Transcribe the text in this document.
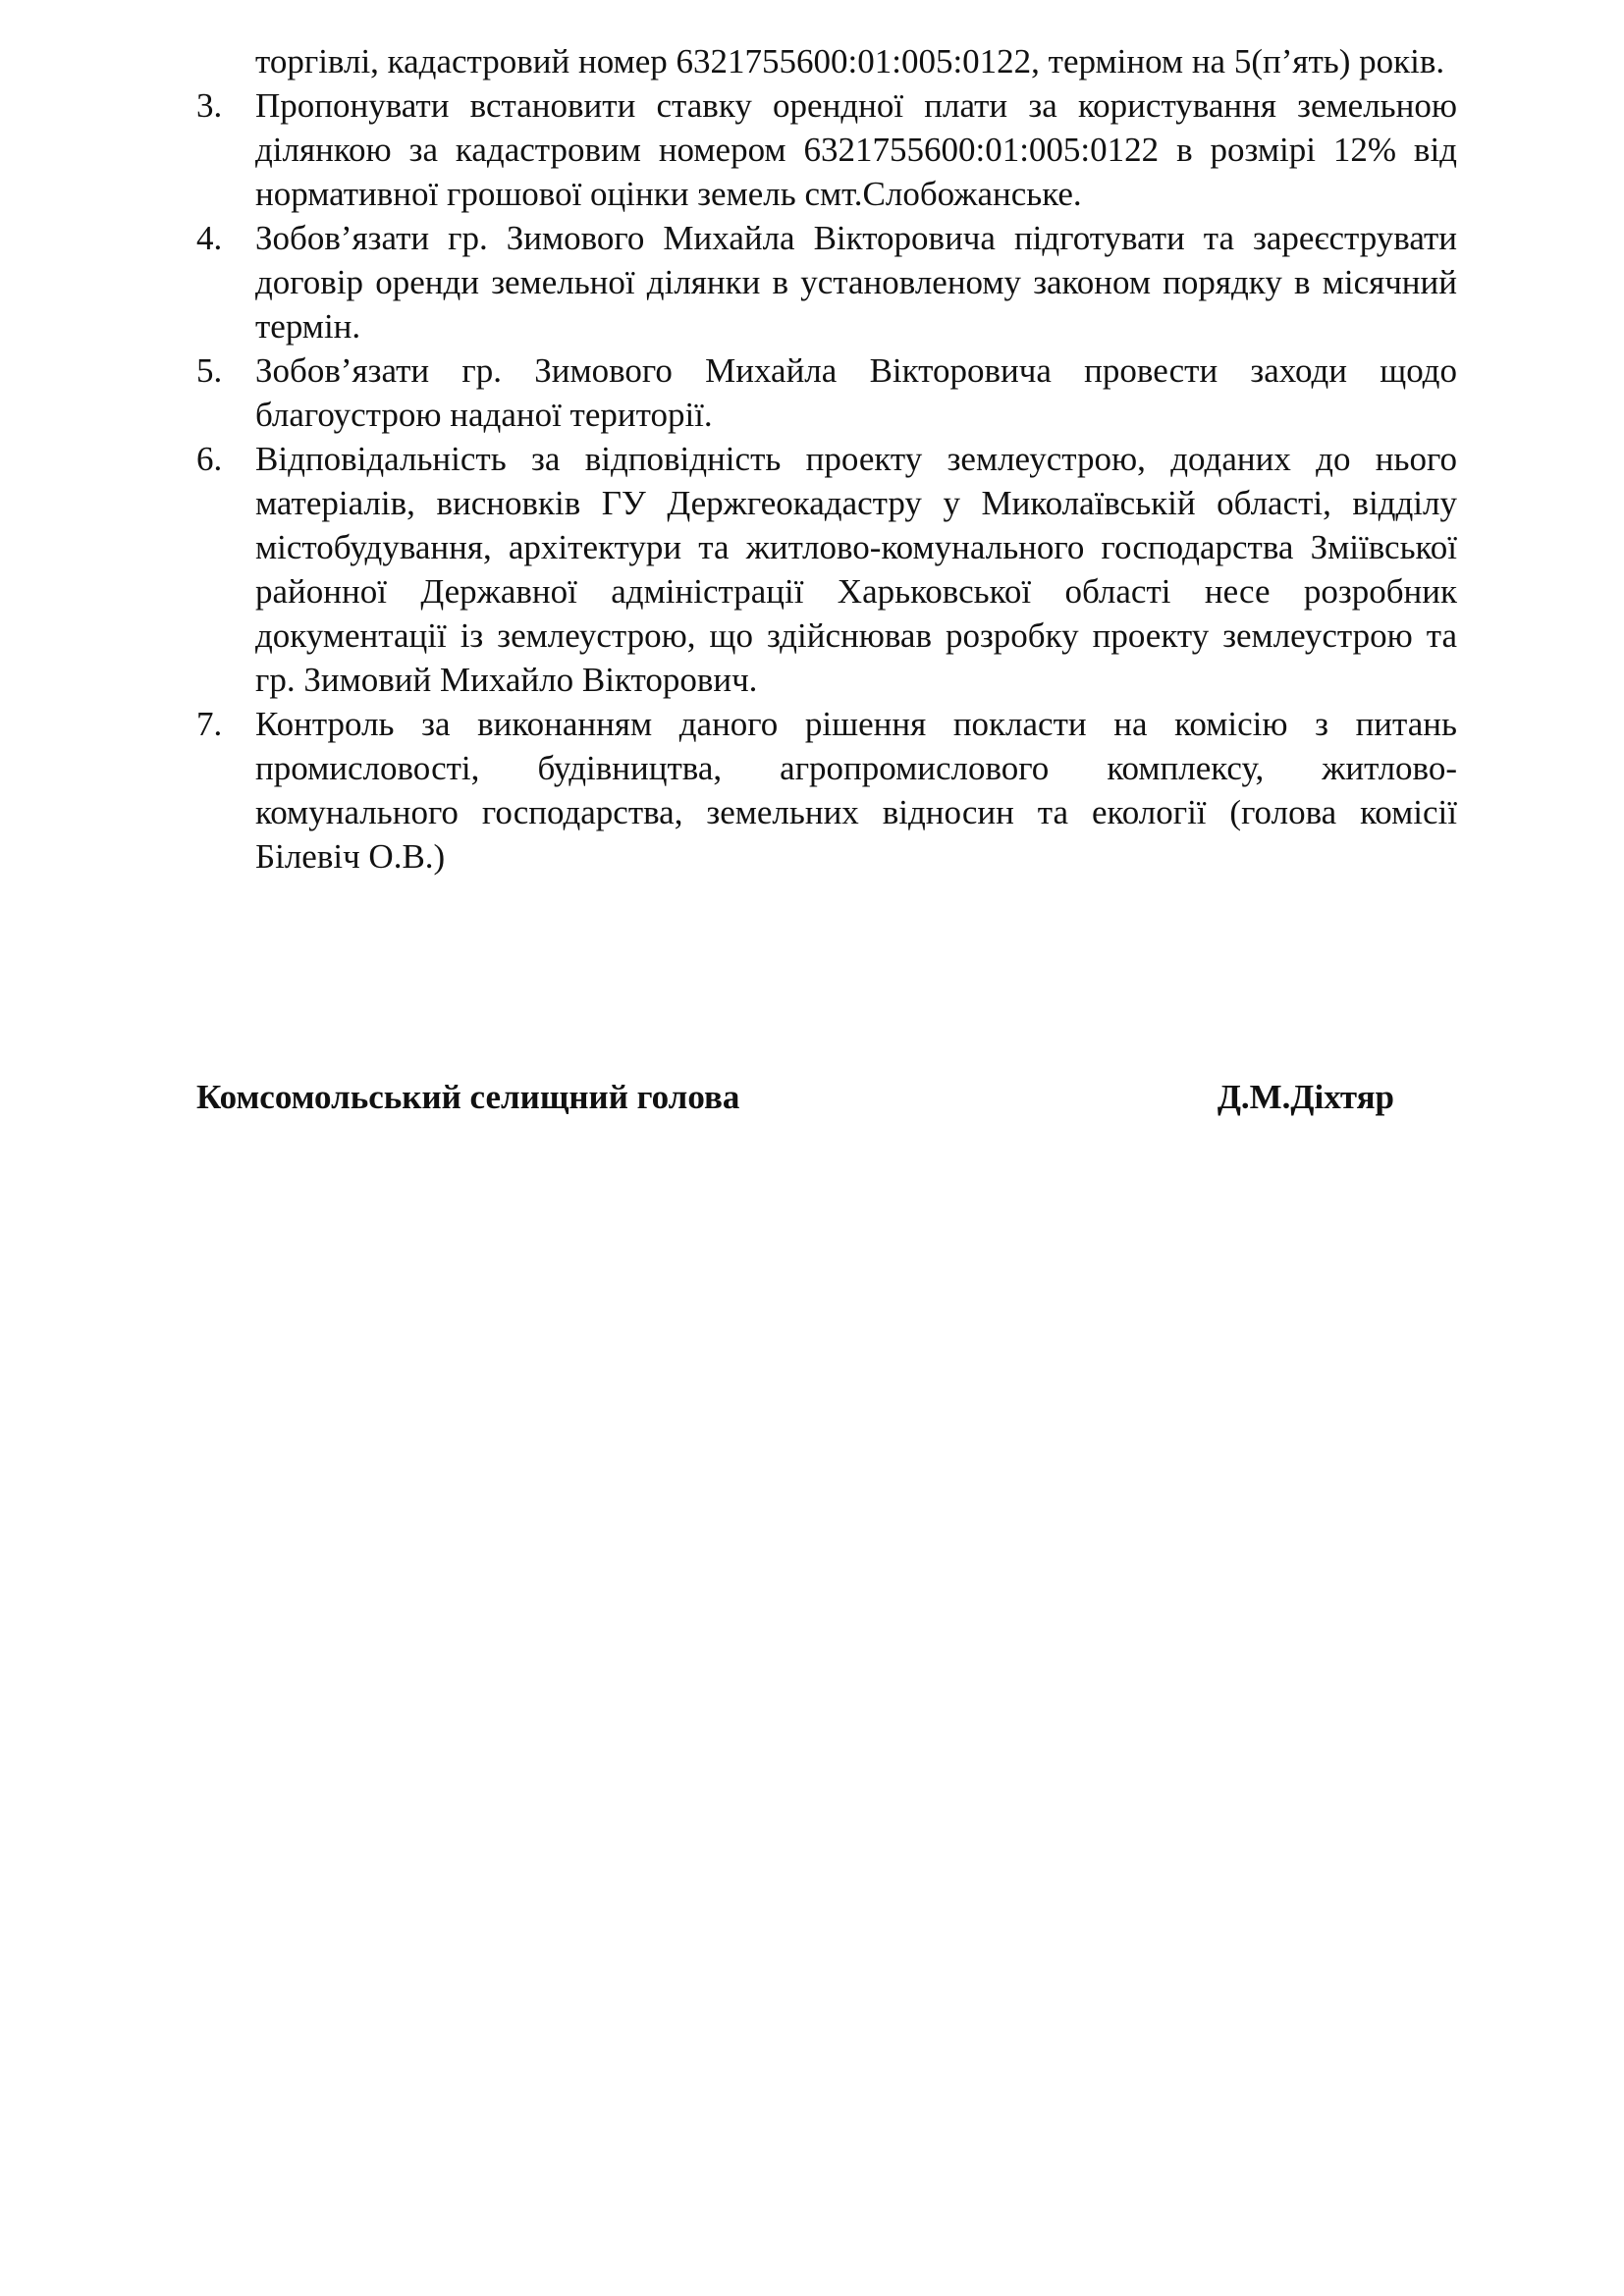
торгівлі, кадастровий номер 6321755600:01:005:0122, терміном на 5(п’ять) років.

3. Пропонувати встановити ставку орендної плати за користування земельною ділянкою за кадастровим номером 6321755600:01:005:0122 в розмірі 12% від нормативної грошової оцінки земель смт.Слобожанське.

4. Зобов’язати гр. Зимового Михайла Вікторовича підготувати та зареєструвати договір оренди земельної ділянки в установленому законом порядку в місячний термін.

5. Зобов’язати гр. Зимового Михайла Вікторовича провести заходи щодо благоустрою наданої території.

6. Відповідальність за відповідність проекту землеустрою, доданих до нього матеріалів, висновків ГУ Держгеокадастру у Миколаївській області, відділу містобудування, архітектури та житлово-комунального господарства Зміївської районної Державної адміністрації Харьковської області несе розробник документації із землеустрою, що здійснював розробку проекту землеустрою та гр. Зимовий Михайло Вікторович.

7. Контроль за виконанням даного рішення покласти на комісію з питань промисловості, будівництва, агропромислового комплексу, житлово-комунального господарства, земельних відносин та екології (голова комісії Білевіч О.В.)

Комсомольський селищний голова	Д.М.Діхтяр
